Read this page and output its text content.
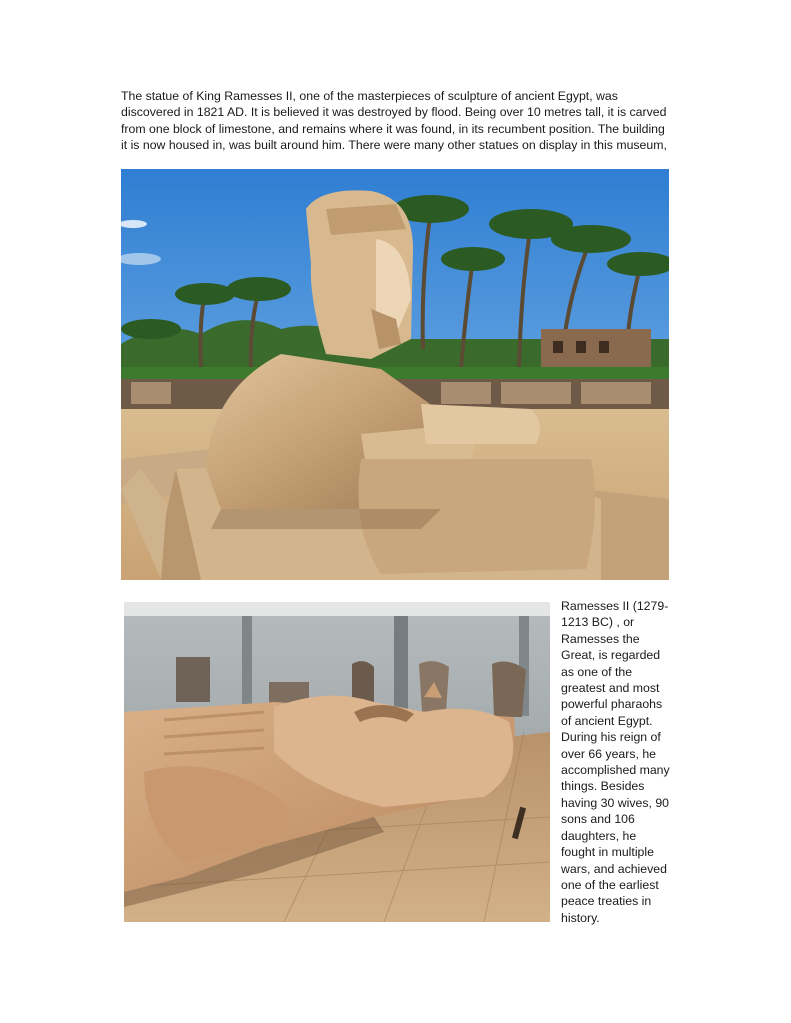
The statue of King Ramesses II, one of the masterpieces of sculpture of ancient Egypt, was discovered in 1821 AD. It is believed it was destroyed by flood. Being over 10 metres tall, it is carved from one block of limestone, and remains where it was found, in its recumbent position. The building it is now housed in, was built around him. There were many other statues on display in this museum,

Ramesses II (1279-1213 BC) , or Ramesses the Great, is regarded as one of the greatest and most powerful pharaohs of ancient Egypt. During his reign of over 66 years, he accomplished many things. Besides having 30 wives, 90 sons and 106 daughters, he fought in multiple wars, and achieved one of the earliest peace treaties in history.
